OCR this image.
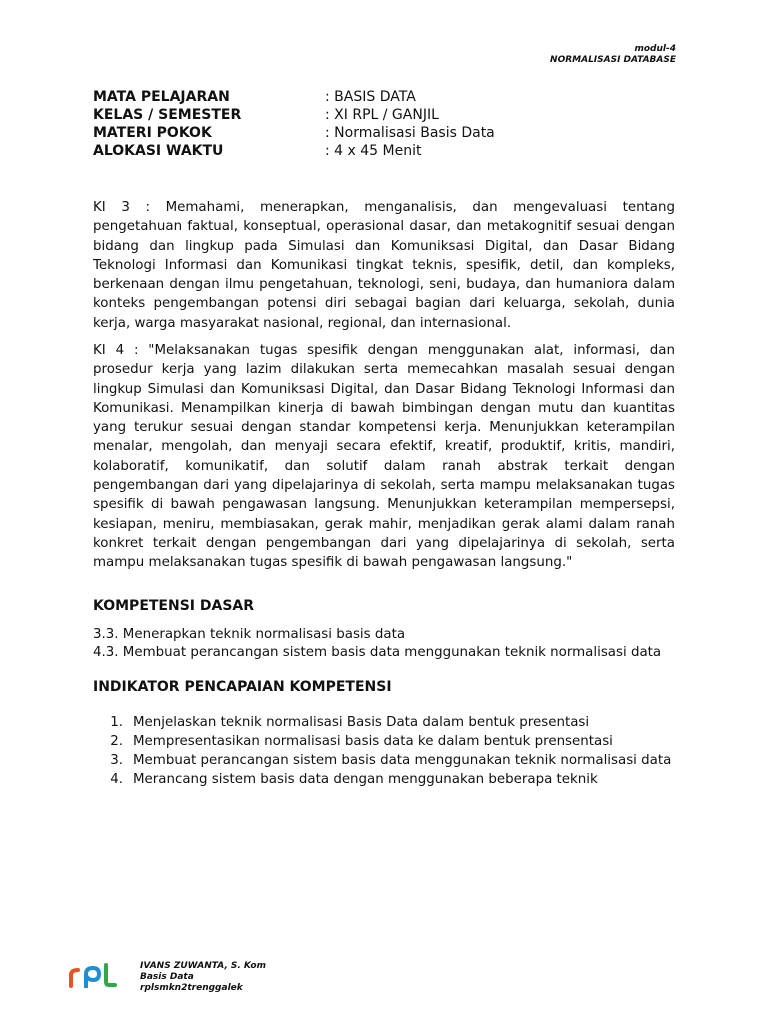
modul-4
NORMALISASI DATABASE
MATA PELAJARAN	: BASIS DATA
KELAS / SEMESTER	: XI RPL / GANJIL
MATERI POKOK	: Normalisasi Basis Data
ALOKASI WAKTU	: 4 x 45 Menit

KI 3 : Memahami, menerapkan, menganalisis, dan mengevaluasi tentang pengetahuan faktual, konseptual, operasional dasar, dan metakognitif sesuai dengan bidang dan lingkup pada Simulasi dan Komuniksasi Digital, dan Dasar Bidang Teknologi Informasi dan Komunikasi tingkat teknis, spesifik, detil, dan kompleks, berkenaan dengan ilmu pengetahuan, teknologi, seni, budaya, dan humaniora dalam konteks pengembangan potensi diri sebagai bagian dari keluarga, sekolah, dunia kerja, warga masyarakat nasional, regional, dan internasional.

KI 4 : "Melaksanakan tugas spesifik dengan menggunakan alat, informasi, dan prosedur kerja yang lazim dilakukan serta memecahkan masalah sesuai dengan lingkup Simulasi dan Komuniksasi Digital, dan Dasar Bidang Teknologi Informasi dan Komunikasi. Menampilkan kinerja di bawah bimbingan dengan mutu dan kuantitas yang terukur sesuai dengan standar kompetensi kerja. Menunjukkan keterampilan menalar, mengolah, dan menyaji secara efektif, kreatif, produktif, kritis, mandiri, kolaboratif, komunikatif, dan solutif dalam ranah abstrak terkait dengan pengembangan dari yang dipelajarinya di sekolah, serta mampu melaksanakan tugas spesifik di bawah pengawasan langsung. Menunjukkan keterampilan mempersepsi, kesiapan, meniru, membiasakan, gerak mahir, menjadikan gerak alami dalam ranah konkret terkait dengan pengembangan dari yang dipelajarinya di sekolah, serta mampu melaksanakan tugas spesifik di bawah pengawasan langsung."

KOMPETENSI DASAR
3.3. Menerapkan teknik normalisasi basis data
4.3. Membuat perancangan sistem basis data menggunakan teknik normalisasi data
INDIKATOR PENCAPAIAN KOMPETENSI
1. Menjelaskan teknik normalisasi Basis Data dalam bentuk presentasi
2. Mempresentasikan normalisasi basis data ke dalam bentuk prensentasi
3. Membuat perancangan sistem basis data menggunakan teknik normalisasi data
4. Merancang sistem basis data dengan menggunakan beberapa teknik
IVANS ZUWANTA, S. Kom
Basis Data
rplsmkn2trenggalek
